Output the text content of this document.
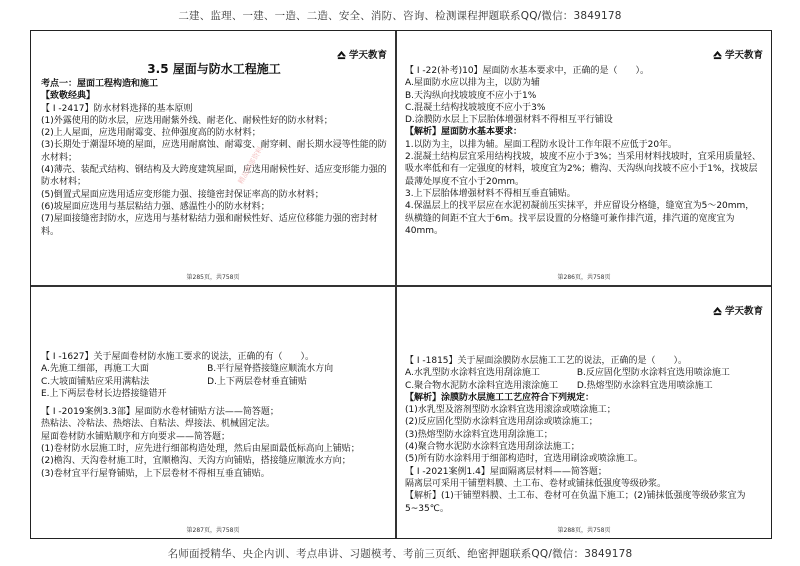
二建、监理、一建、一造、二造、安全、消防、咨询、检测课程押题联系QQ/微信：3849178
学天教育
3.5 屋面与防水工程施工
考点一：屋面工程构造和施工
【致敬经典】
【 I -2417】防水材料选择的基本原则
(1)外露使用的防水层，应选用耐紫外线、耐老化、耐候性好的防水材料；
(2)上人屋面，应选用耐霉变、拉伸强度高的防水材料；
(3)长期处于潮湿环境的屋面，应选用耐腐蚀、耐霉变、耐穿刺、耐长期水浸等性能的防水材料；
(4)薄壳、装配式结构、钢结构及大跨度建筑屋面，应选用耐候性好、适应变形能力强的防水材料；
(5)倒置式屋面应选用适应变形能力强、接缝密封保证率高的防水材料；
(6)坡屋面应选用与基层粘结力强、感温性小的防水材料；
(7)屋面接缝密封防水，应选用与基材粘结力强和耐候性好、适应位移能力强的密封材料。
精品内部资料
第285页，共758页
学天教育
【 I -22(补考)10】屋面防水基本要求中，正确的是（　　）。
A.屋面防水应以排为主，以防为辅
B.天沟纵向找坡坡度不应小于1%
C.混凝土结构找坡坡度不应小于3%
D.涂膜防水层上下层胎体增强材料不得相互平行铺设
【解析】屋面防水基本要求：
1.以防为主，以排为辅。屋面工程防水设计工作年限不应低于20年。
2.混凝土结构层宜采用结构找坡，坡度不应小于3%；当采用材料找坡时，宜采用质量轻、吸水率低和有一定强度的材料，坡度宜为2%；檐沟、天沟纵向找坡不应小于1%，找坡层最薄处厚度不宜小于20mm。
3.上下层胎体增强材料不得相互垂直铺贴。
4.保温层上的找平层应在水泥初凝前压实抹平，并应留设分格缝，缝宽宜为5～20mm，纵横缝的间距不宜大于6m。找平层设置的分格缝可兼作排汽道，排汽道的宽度宜为40mm。
第286页，共758页
【 I -1627】关于屋面卷材防水施工要求的说法，正确的有（　　）。
A.先施工细部，再施工大面	B.平行屋脊搭接缝应顺流水方向
C.大坡面铺贴应采用满粘法	D.上下两层卷材垂直铺贴
E.上下两层卷材长边搭接缝错开
【 I -2019案例3.3部】屋面防水卷材铺贴方法——简答题；
热粘法、冷粘法、热熔法、自粘法、焊接法、机械固定法。
屋面卷材防水铺贴顺序和方向要求——简答题；
(1)卷材防水层施工时，应先进行细部构造处理，然后由屋面最低标高向上铺贴；
(2)檐沟、天沟卷材施工时，宜顺檐沟、天沟方向铺贴，搭接缝应顺流水方向；
(3)卷材宜平行屋脊铺贴，上下层卷材不得相互垂直铺贴。
第287页，共758页
学天教育
【 I -1815】关于屋面涂膜防水层施工工艺的说法，正确的是（　　）。
A.水乳型防水涂料宜选用刮涂施工	B.反应固化型防水涂料宜选用喷涂施工
C.聚合物水泥防水涂料宜选用滚涂施工	D.热熔型防水涂料宜选用喷涂施工
【解析】涂膜防水层施工工艺应符合下列规定：
(1)水乳型及溶剂型防水涂料宜选用滚涂或喷涂施工；
(2)反应固化型防水涂料宜选用刮涂或喷涂施工；
(3)热熔型防水涂料宜选用刮涂施工；
(4)聚合物水泥防水涂料宜选用刮涂法施工；
(5)所有防水涂料用于细部构造时，宜选用刷涂或喷涂施工。
【 I -2021案例1.4】屋面隔离层材料——简答题；
隔离层可采用干铺塑料膜、土工布、卷材或铺抹低强度等级砂浆。
【解析】(1)干铺塑料膜、土工布、卷材可在负温下施工；(2)铺抹低强度等级砂浆宜为5~35℃。
第288页，共758页
名师面授精华、央企内训、考点串讲、习题模考、考前三页纸、绝密押题联系QQ/微信：3849178
